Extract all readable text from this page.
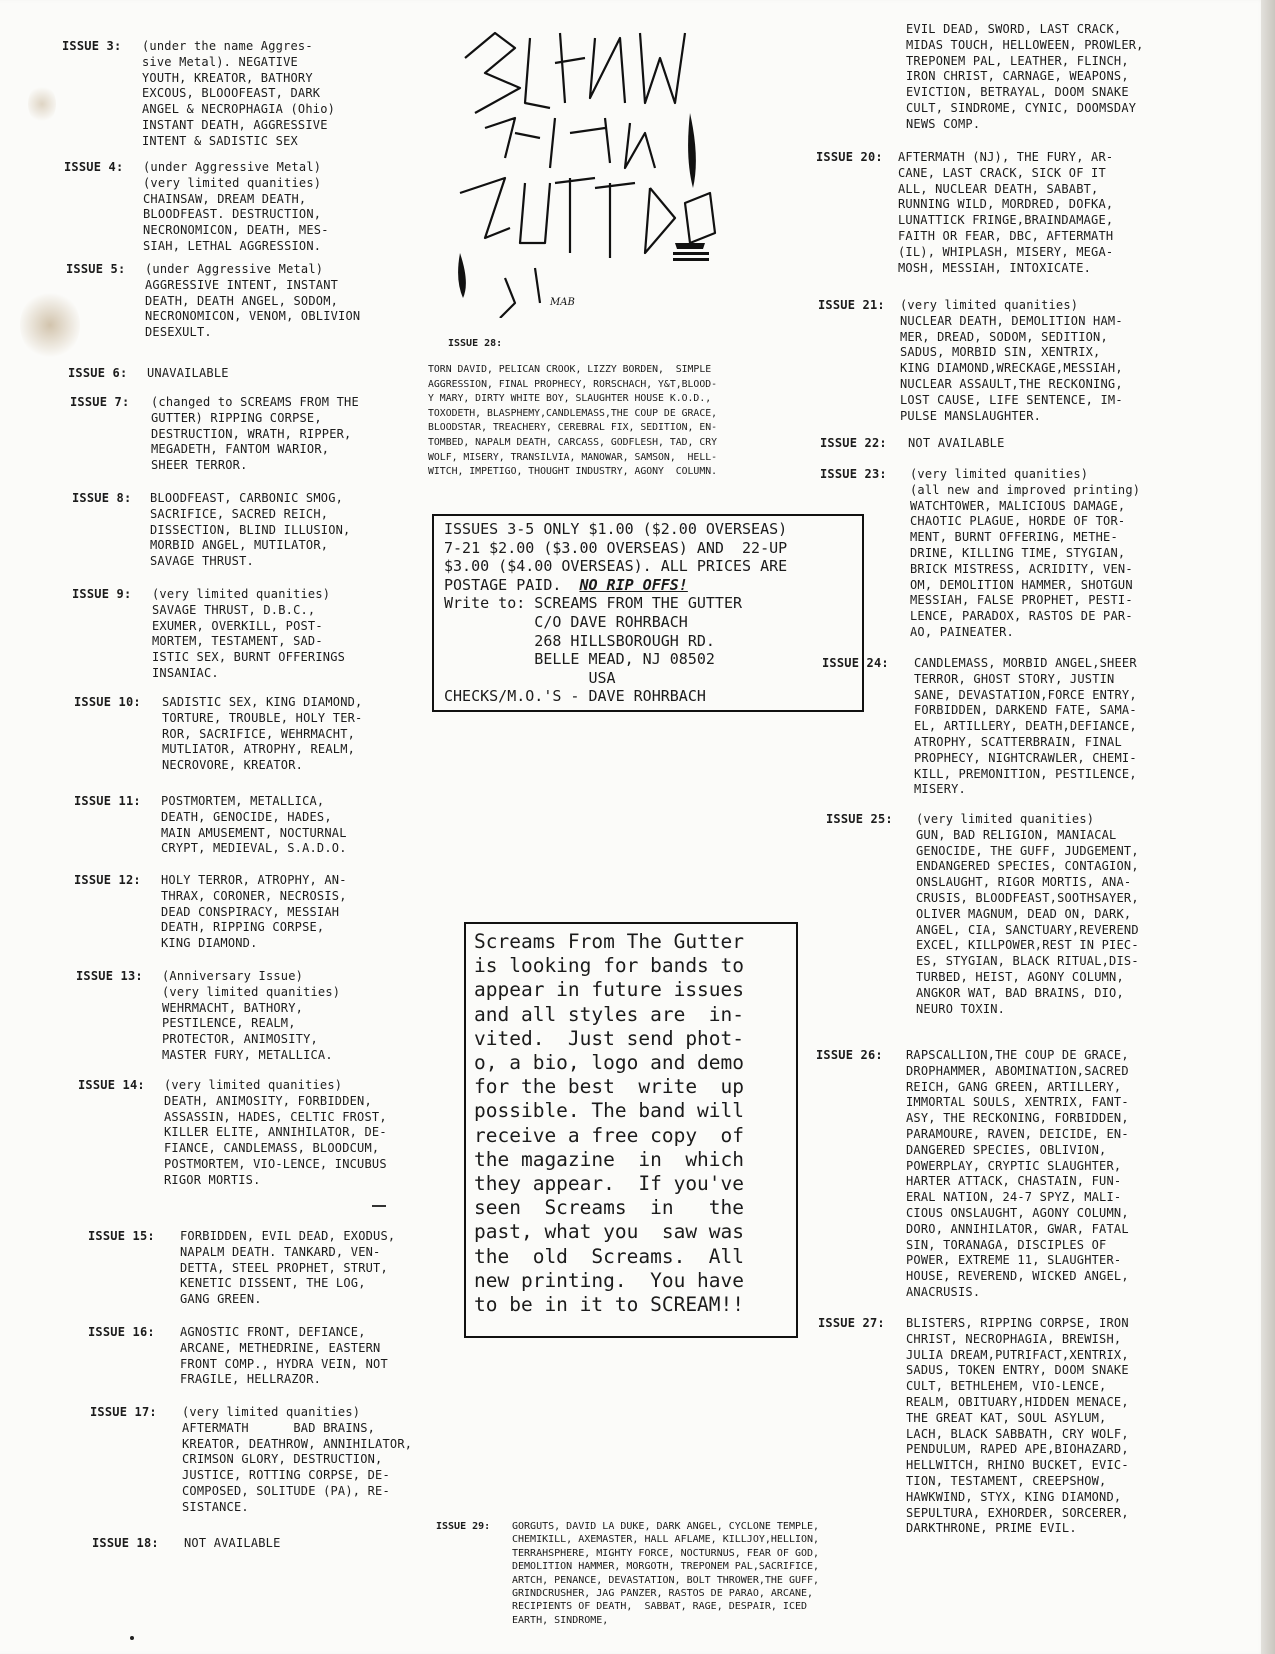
MAB
ISSUE 3: (under the name Aggres-
sive Metal). NEGATIVE
YOUTH, KREATOR, BATHORY
EXCOUS, BLOOOFEAST, DARK
ANGEL & NECROPHAGIA (Ohio)
INSTANT DEATH, AGGRESSIVE
INTENT & SADISTIC SEX
ISSUE 4: (under Aggressive Metal)
(very limited quanities)
CHAINSAW, DREAM DEATH,
BLOODFEAST. DESTRUCTION,
NECRONOMICON, DEATH, MES-
SIAH, LETHAL AGGRESSION.
ISSUE 5: (under Aggressive Metal)
AGGRESSIVE INTENT, INSTANT
DEATH, DEATH ANGEL, SODOM,
NECRONOMICON, VENOM, OBLIVION
DESEXULT.
ISSUE 6: UNAVAILABLE
ISSUE 7: (changed to SCREAMS FROM THE
GUTTER) RIPPING CORPSE,
DESTRUCTION, WRATH, RIPPER,
MEGADETH, FANTOM WARIOR,
SHEER TERROR.
ISSUE 8: BLOODFEAST, CARBONIC SMOG,
SACRIFICE, SACRED REICH,
DISSECTION, BLIND ILLUSION,
MORBID ANGEL, MUTILATOR,
SAVAGE THRUST.
ISSUE 9: (very limited quanities)
SAVAGE THRUST, D.B.C.,
EXUMER, OVERKILL, POST-
MORTEM, TESTAMENT, SAD-
ISTIC SEX, BURNT OFFERINGS
INSANIAC.
ISSUE 10: SADISTIC SEX, KING DIAMOND,
TORTURE, TROUBLE, HOLY TER-
ROR, SACRIFICE, WEHRMACHT,
MUTLIATOR, ATROPHY, REALM,
NECROVORE, KREATOR.
ISSUE 11: POSTMORTEM, METALLICA,
DEATH, GENOCIDE, HADES,
MAIN AMUSEMENT, NOCTURNAL
CRYPT, MEDIEVAL, S.A.D.O.
ISSUE 12: HOLY TERROR, ATROPHY, AN-
THRAX, CORONER, NECROSIS,
DEAD CONSPIRACY, MESSIAH
DEATH, RIPPING CORPSE,
KING DIAMOND.
ISSUE 13: (Anniversary Issue)
(very limited quanities)
WEHRMACHT, BATHORY,
PESTILENCE, REALM,
PROTECTOR, ANIMOSITY,
MASTER FURY, METALLICA.
ISSUE 14: (very limited quanities)
DEATH, ANIMOSITY, FORBIDDEN,
ASSASSIN, HADES, CELTIC FROST,
KILLER ELITE, ANNIHILATOR, DE-
FIANCE, CANDLEMASS, BLOODCUM,
POSTMORTEM, VIO-LENCE, INCUBUS
RIGOR MORTIS.
ISSUE 15: FORBIDDEN, EVIL DEAD, EXODUS,
NAPALM DEATH. TANKARD, VEN-
DETTA, STEEL PROPHET, STRUT,
KENETIC DISSENT, THE LOG,
GANG GREEN.
ISSUE 16: AGNOSTIC FRONT, DEFIANCE,
ARCANE, METHEDRINE, EASTERN
FRONT COMP., HYDRA VEIN, NOT
FRAGILE, HELLRAZOR.
ISSUE 17: (very limited quanities)
AFTERMATH      BAD BRAINS,
KREATOR, DEATHROW, ANNIHILATOR,
CRIMSON GLORY, DESTRUCTION,
JUSTICE, ROTTING CORPSE, DE-
COMPOSED, SOLITUDE (PA), RE-
SISTANCE.
ISSUE 18: NOT AVAILABLE
ISSUE 28:
TORN DAVID, PELICAN CROOK, LIZZY BORDEN,  SIMPLE
AGGRESSION, FINAL PROPHECY, RORSCHACH, Y&T,BLOOD-
Y MARY, DIRTY WHITE BOY, SLAUGHTER HOUSE K.O.D.,
TOXODETH, BLASPHEMY,CANDLEMASS,THE COUP DE GRACE,
BLOODSTAR, TREACHERY, CEREBRAL FIX, SEDITION, EN-
TOMBED, NAPALM DEATH, CARCASS, GODFLESH, TAD, CRY
WOLF, MISERY, TRANSILVIA, MANOWAR, SAMSON,  HELL-
WITCH, IMPETIGO, THOUGHT INDUSTRY, AGONY  COLUMN.
ISSUES 3-5 ONLY $1.00 ($2.00 OVERSEAS)
7-21 $2.00 ($3.00 OVERSEAS) AND  22-UP
$3.00 ($4.00 OVERSEAS). ALL PRICES ARE
POSTAGE PAID.  NO RIP OFFS!
Write to: SCREAMS FROM THE GUTTER
C/O DAVE ROHRBACH
268 HILLSBOROUGH RD.
BELLE MEAD, NJ 08502
USA
CHECKS/M.O.'S - DAVE ROHRBACH
Screams From The Gutter
is looking for bands to
appear in future issues
and all styles are  in-
vited.  Just send phot-
o, a bio, logo and demo
for the best  write  up
possible. The band will
receive a free copy  of
the magazine  in  which
they appear.  If you've
seen  Screams  in   the
past, what you  saw was
the  old  Screams.  All
new printing.  You have
to be in it to SCREAM!!
ISSUE 29: GORGUTS, DAVID LA DUKE, DARK ANGEL, CYCLONE TEMPLE,
CHEMIKILL, AXEMASTER, HALL AFLAME, KILLJOY,HELLION,
TERRAHSPHERE, MIGHTY FORCE, NOCTURNUS, FEAR OF GOD,
DEMOLITION HAMMER, MORGOTH, TREPONEM PAL,SACRIFICE,
ARTCH, PENANCE, DEVASTATION, BOLT THROWER,THE GUFF,
GRINDCRUSHER, JAG PANZER, RASTOS DE PARAO, ARCANE,
RECIPIENTS OF DEATH,  SABBAT, RAGE, DESPAIR, ICED
EARTH, SINDROME,
EVIL DEAD, SWORD, LAST CRACK,
MIDAS TOUCH, HELLOWEEN, PROWLER,
TREPONEM PAL, LEATHER, FLINCH,
IRON CHRIST, CARNAGE, WEAPONS,
EVICTION, BETRAYAL, DOOM SNAKE
CULT, SINDROME, CYNIC, DOOMSDAY
NEWS COMP.
ISSUE 20: AFTERMATH (NJ), THE FURY, AR-
CANE, LAST CRACK, SICK OF IT
ALL, NUCLEAR DEATH, SABABT,
RUNNING WILD, MORDRED, DOFKA,
LUNATTICK FRINGE,BRAINDAMAGE,
FAITH OR FEAR, DBC, AFTERMATH
(IL), WHIPLASH, MISERY, MEGA-
MOSH, MESSIAH, INTOXICATE.
ISSUE 21: (very limited quanities)
NUCLEAR DEATH, DEMOLITION HAM-
MER, DREAD, SODOM, SEDITION,
SADUS, MORBID SIN, XENTRIX,
KING DIAMOND,WRECKAGE,MESSIAH,
NUCLEAR ASSAULT,THE RECKONING,
LOST CAUSE, LIFE SENTENCE, IM-
PULSE MANSLAUGHTER.
ISSUE 22: NOT AVAILABLE
ISSUE 23: (very limited quanities)
(all new and improved printing)
WATCHTOWER, MALICIOUS DAMAGE,
CHAOTIC PLAGUE, HORDE OF TOR-
MENT, BURNT OFFERING, METHE-
DRINE, KILLING TIME, STYGIAN,
BRICK MISTRESS, ACRIDITY, VEN-
OM, DEMOLITION HAMMER, SHOTGUN
MESSIAH, FALSE PROPHET, PESTI-
LENCE, PARADOX, RASTOS DE PAR-
AO, PAINEATER.
ISSUE 24: CANDLEMASS, MORBID ANGEL,SHEER
TERROR, GHOST STORY, JUSTIN
SANE, DEVASTATION,FORCE ENTRY,
FORBIDDEN, DARKEND FATE, SAMA-
EL, ARTILLERY, DEATH,DEFIANCE,
ATROPHY, SCATTERBRAIN, FINAL
PROPHECY, NIGHTCRAWLER, CHEMI-
KILL, PREMONITION, PESTILENCE,
MISERY.
ISSUE 25: (very limited quanities)
GUN, BAD RELIGION, MANIACAL
GENOCIDE, THE GUFF, JUDGEMENT,
ENDANGERED SPECIES, CONTAGION,
ONSLAUGHT, RIGOR MORTIS, ANA-
CRUSIS, BLOODFEAST,SOOTHSAYER,
OLIVER MAGNUM, DEAD ON, DARK,
ANGEL, CIA, SANCTUARY,REVEREND
EXCEL, KILLPOWER,REST IN PIEC-
ES, STYGIAN, BLACK RITUAL,DIS-
TURBED, HEIST, AGONY COLUMN,
ANGKOR WAT, BAD BRAINS, DIO,
NEURO TOXIN.
ISSUE 26: RAPSCALLION,THE COUP DE GRACE,
DROPHAMMER, ABOMINATION,SACRED
REICH, GANG GREEN, ARTILLERY,
IMMORTAL SOULS, XENTRIX, FANT-
ASY, THE RECKONING, FORBIDDEN,
PARAMOURE, RAVEN, DEICIDE, EN-
DANGERED SPECIES, OBLIVION,
POWERPLAY, CRYPTIC SLAUGHTER,
HARTER ATTACK, CHASTAIN, FUN-
ERAL NATION, 24-7 SPYZ, MALI-
CIOUS ONSLAUGHT, AGONY COLUMN,
DORO, ANNIHILATOR, GWAR, FATAL
SIN, TORANAGA, DISCIPLES OF
POWER, EXTREME 11, SLAUGHTER-
HOUSE, REVEREND, WICKED ANGEL,
ANACRUSIS.
ISSUE 27: BLISTERS, RIPPING CORPSE, IRON
CHRIST, NECROPHAGIA, BREWISH,
JULIA DREAM,PUTRIFACT,XENTRIX,
SADUS, TOKEN ENTRY, DOOM SNAKE
CULT, BETHLEHEM, VIO-LENCE,
REALM, OBITUARY,HIDDEN MENACE,
THE GREAT KAT, SOUL ASYLUM,
LACH, BLACK SABBATH, CRY WOLF,
PENDULUM, RAPED APE,BIOHAZARD,
HELLWITCH, RHINO BUCKET, EVIC-
TION, TESTAMENT, CREEPSHOW,
HAWKWIND, STYX, KING DIAMOND,
SEPULTURA, EXHORDER, SORCERER,
DARKTHRONE, PRIME EVIL.
